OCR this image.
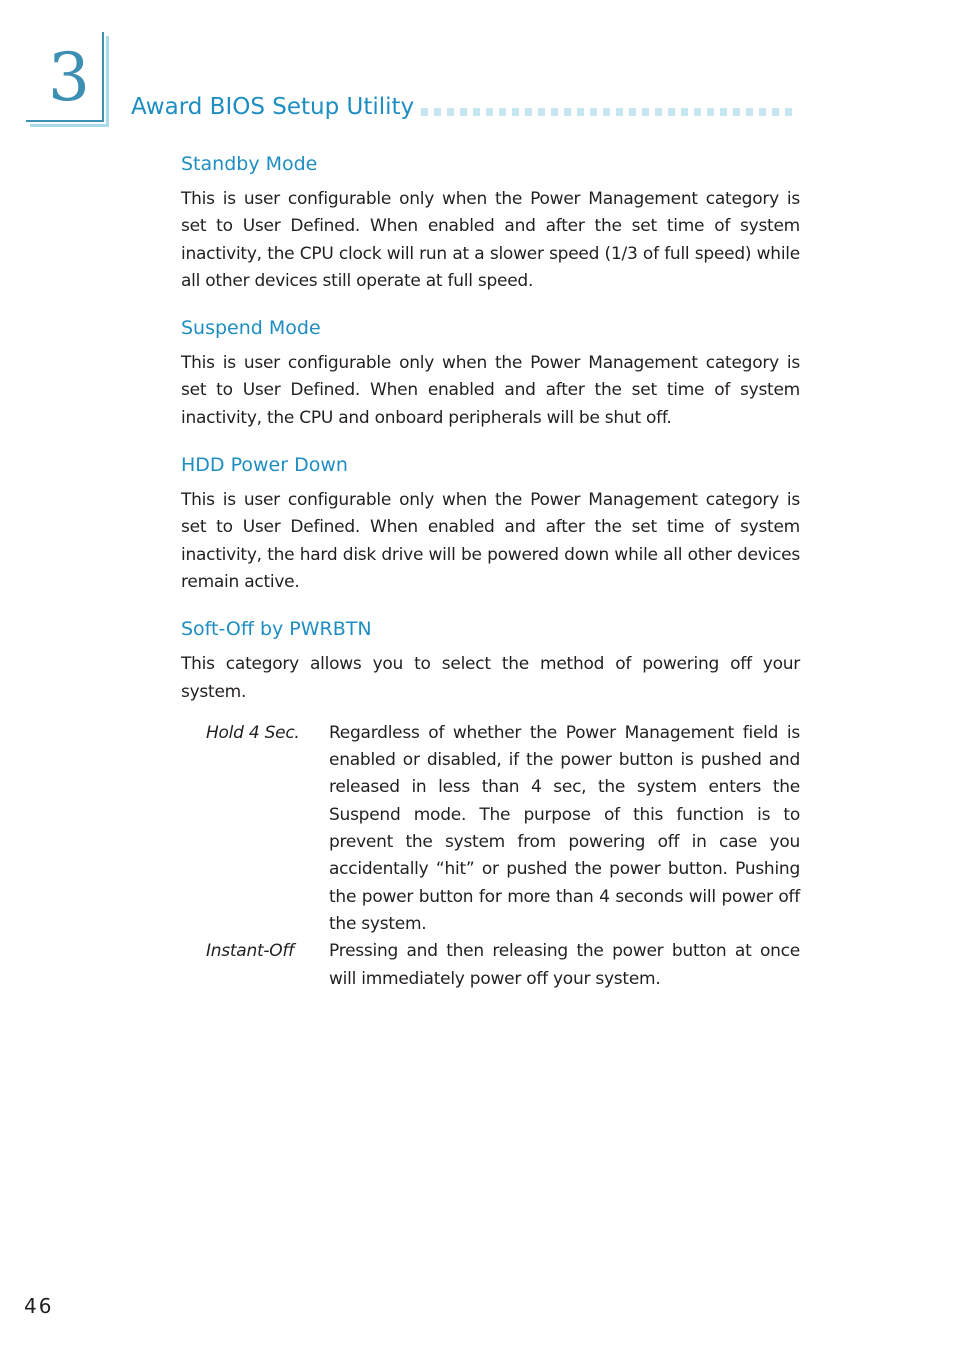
3 Award BIOS Setup Utility
Standby Mode

This is user configurable only when the Power Management category is set to User Defined. When enabled and after the set time of system inactivity, the CPU clock will run at a slower speed (1/3 of full speed) while all other devices still operate at full speed.

Suspend Mode

This is user configurable only when the Power Management category is set to User Defined. When enabled and after the set time of system inactivity, the CPU and onboard peripherals will be shut off.

HDD Power Down

This is user configurable only when the Power Management category is set to User Defined. When enabled and after the set time of system inactivity, the hard disk drive will be powered down while all other devices remain active.

Soft-Off by PWRBTN

This category allows you to select the method of powering off your system.

Hold 4 Sec.	Regardless of whether the Power Management field is enabled or disabled, if the power button is pushed and released in less than 4 sec, the system enters the Suspend mode. The purpose of this function is to prevent the system from powering off in case you accidentally “hit” or pushed the power button. Pushing the power button for more than 4 seconds will power off the system.
Instant-Off	Pressing and then releasing the power button at once will immediately power off your system.
46
